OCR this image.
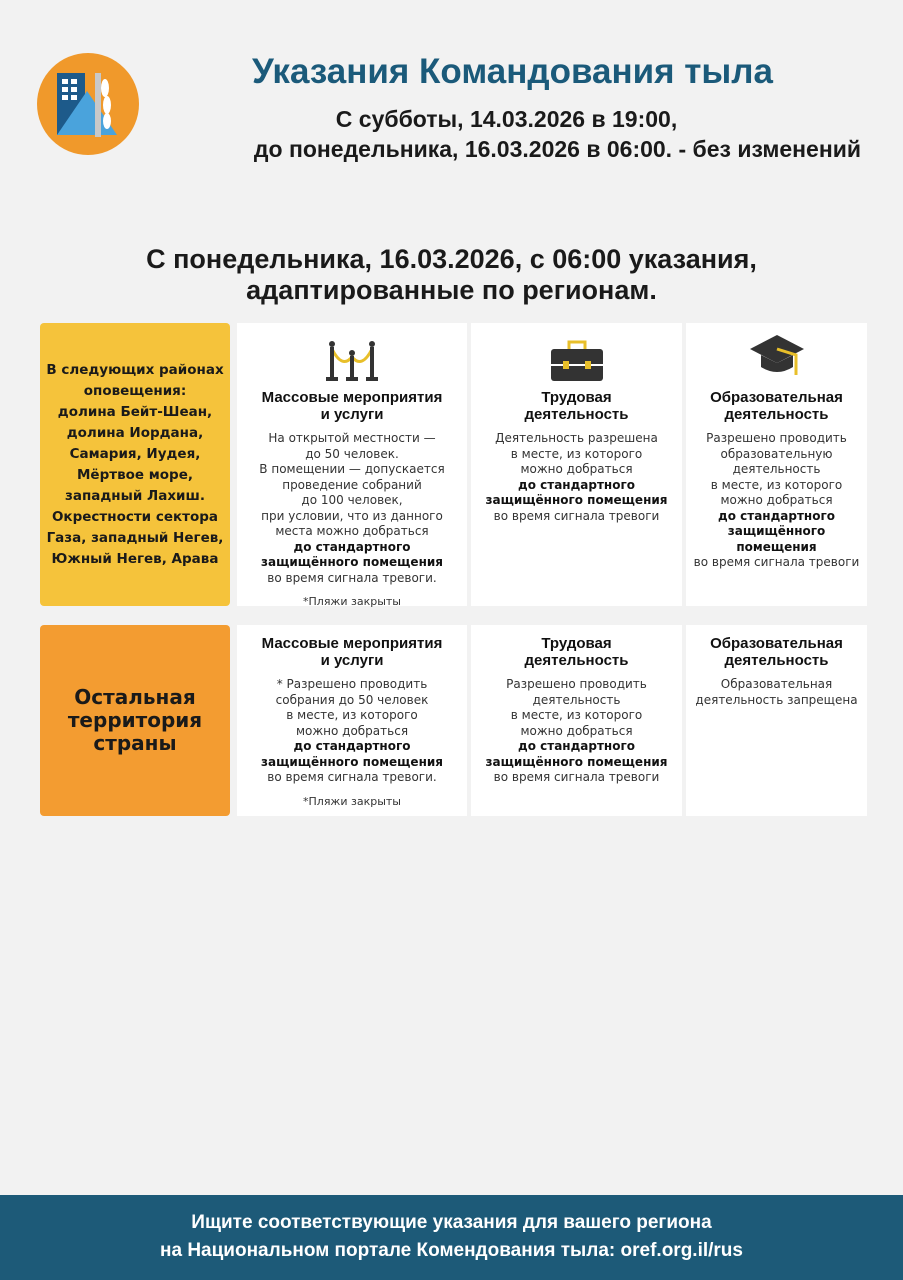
Указания Командования тыла
С субботы, 14.03.2026 в 19:00,
до понедельника, 16.03.2026 в 06:00. - без изменений
С понедельника, 16.03.2026, с 06:00 указания,
адаптированные по регионам.
В следующих районах
оповещения:
долина Бейт-Шеан,
долина Иордана,
Самария, Иудея,
Мёртвое море,
западный Лахиш.
Окрестности сектора
Газа, западный Негев,
Южный Негев, Арава
Массовые мероприятия
и услуги
На открытой местности —
до 50 человек.
В помещении — допускается
проведение собраний
до 100 человек,
при условии, что из данного
места можно добраться
до стандартного
защищённого помещения
во время сигнала тревоги.
*Пляжи закрыты
Трудовая
деятельность
Деятельность разрешена
в месте, из которого
можно добраться
до стандартного
защищённого помещения
во время сигнала тревоги
Образовательная
деятельность
Разрешено проводить
образовательную
деятельность
в месте, из которого
можно добраться
до стандартного
защищённого помещения
во время сигнала тревоги
Остальная
территория
страны
Массовые мероприятия
и услуги
* Разрешено проводить
собрания до 50 человек
в месте, из которого
можно добраться
до стандартного
защищённого помещения
во время сигнала тревоги.
*Пляжи закрыты
Трудовая
деятельность
Разрешено проводить
деятельность
в месте, из которого
можно добраться
до стандартного
защищённого помещения
во время сигнала тревоги
Образовательная
деятельность
Образовательная
деятельность запрещена
Ищите соответствующие указания для вашего региона
на Национальном портале Комендования тыла: oref.org.il/rus
